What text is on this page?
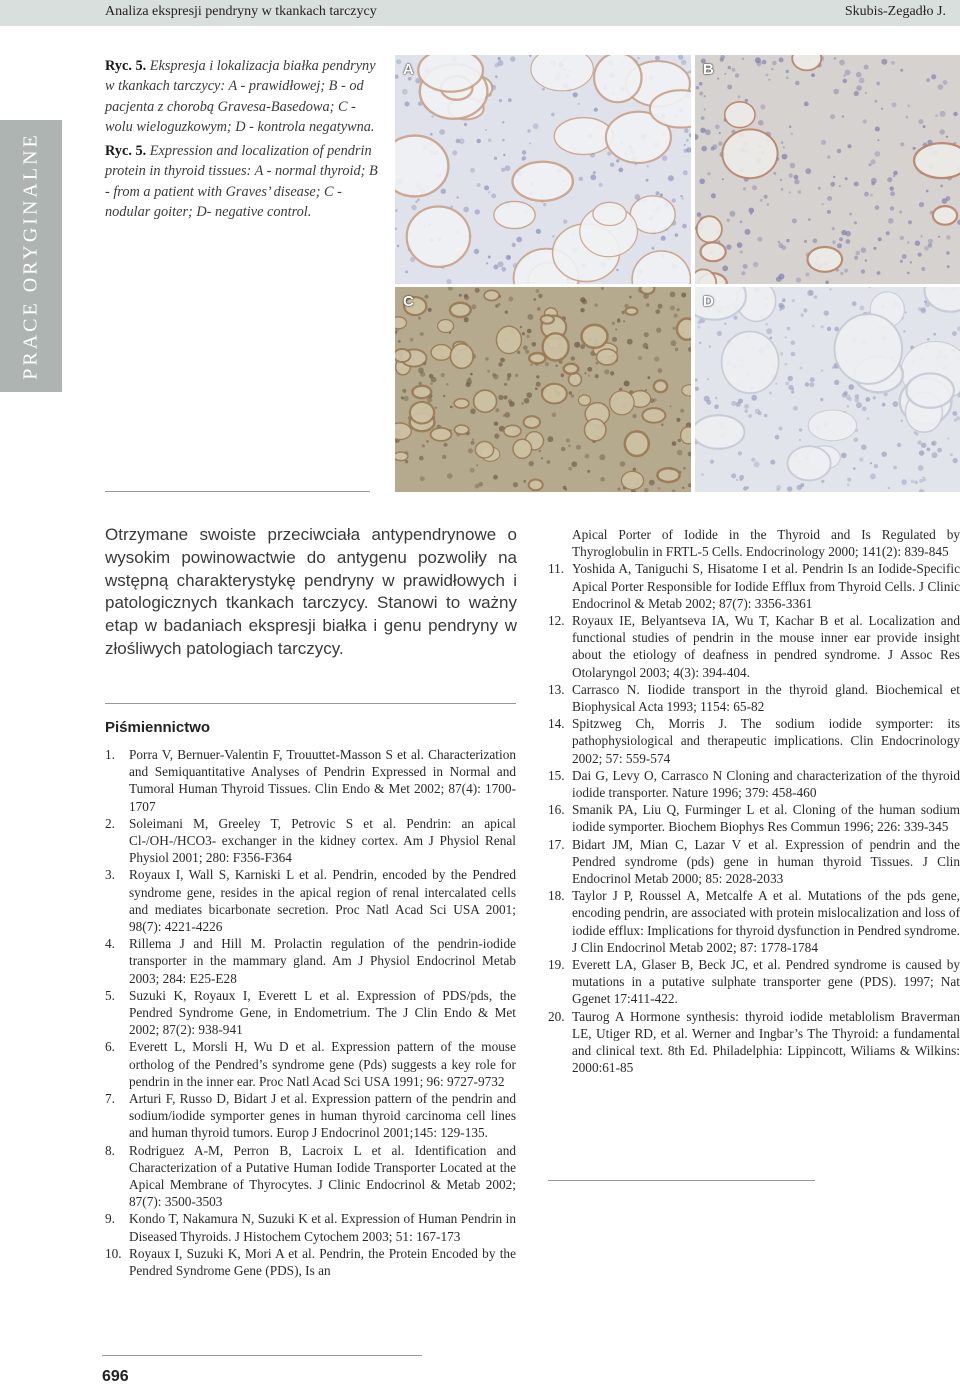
Analiza ekspresji pendryny w tkankach tarczycy	Skubis-Zegadło J.
PRACE ORYGINALNE
Ryc. 5. Ekspresja i lokalizacja białka pendryny w tkankach tarczycy: A - prawidłowej; B - od pacjenta z chorobą Gravesa-Basedowa; C - wolu wieloguzkowym; D - kontrola negatywna.
Ryc. 5. Expression and localization of pendrin protein in thyroid tissues: A - normal thyroid; B - from a patient with Graves’ disease; C - nodular goiter; D- negative control.
A	B
C	D
Otrzymane swoiste przeciwciała antypendrynowe o wysokim powinowactwie do antygenu pozwoliły na wstępną charakterystykę pendryny w prawidłowych i patologicznych tkankach tarczycy. Stanowi to ważny etap w badaniach ekspresji białka i genu pendryny w złośliwych patologiach tarczycy.
Piśmiennictwo
1. Porra V, Bernuer-Valentin F, Trouuttet-Masson S et al. Characterization and Semiquantitative Analyses of Pendrin Expressed in Normal and Tumoral Human Thyroid Tissues. Clin Endo & Met 2002; 87(4): 1700-1707
2. Soleimani M, Greeley T, Petrovic S et al. Pendrin: an apical Cl-/OH-/HCO3- exchanger in the kidney cortex. Am J Physiol Renal Physiol 2001; 280: F356-F364
3. Royaux I, Wall S, Karniski L et al. Pendrin, encoded by the Pendred syndrome gene, resides in the apical region of renal intercalated cells and mediates bicarbonate secretion. Proc Natl Acad Sci USA 2001; 98(7): 4221-4226
4. Rillema J and Hill M. Prolactin regulation of the pendrin-iodide transporter in the mammary gland. Am J Physiol Endocrinol Metab 2003; 284: E25-E28
5. Suzuki K, Royaux I, Everett L et al. Expression of PDS/pds, the Pendred Syndrome Gene, in Endometrium. The J Clin Endo & Met 2002; 87(2): 938-941
6. Everett L, Morsli H, Wu D et al. Expression pattern of the mouse ortholog of the Pendred’s syndrome gene (Pds) suggests a key role for pendrin in the inner ear. Proc Natl Acad Sci USA 1991; 96: 9727-9732
7. Arturi F, Russo D, Bidart J et al. Expression pattern of the pendrin and sodium/iodide symporter genes in human thyroid carcinoma cell lines and human thyroid tumors. Europ J Endocrinol 2001;145: 129-135.
8. Rodriguez A-M, Perron B, Lacroix L et al. Identification and Characterization of a Putative Human Iodide Transporter Located at the Apical Membrane of Thyrocytes. J Clinic Endocrinol & Metab 2002; 87(7): 3500-3503
9. Kondo T, Nakamura N, Suzuki K et al. Expression of Human Pendrin in Diseased Thyroids. J Histochem Cytochem 2003; 51: 167-173
10. Royaux I, Suzuki K, Mori A et al. Pendrin, the Protein Encoded by the Pendred Syndrome Gene (PDS), Is an
Apical Porter of Iodide in the Thyroid and Is Regulated by Thyroglobulin in FRTL-5 Cells. Endocrinology 2000; 141(2): 839-845
11. Yoshida A, Taniguchi S, Hisatome I et al. Pendrin Is an Iodide-Specific Apical Porter Responsible for Iodide Efflux from Thyroid Cells. J Clinic Endocrinol & Metab 2002; 87(7): 3356-3361
12. Royaux IE, Belyantseva IA, Wu T, Kachar B et al. Localization and functional studies of pendrin in the mouse inner ear provide insight about the etiology of deafness in pendred syndrome. J Assoc Res Otolaryngol 2003; 4(3): 394-404.
13. Carrasco N. Iiodide transport in the thyroid gland. Biochemical et Biophysical Acta 1993; 1154: 65-82
14. Spitzweg Ch, Morris J. The sodium iodide symporter: its pathophysiological and therapeutic implications. Clin Endocrinology 2002; 57: 559-574
15. Dai G, Levy O, Carrasco N Cloning and characterization of the thyroid iodide transporter. Nature 1996; 379: 458-460
16. Smanik PA, Liu Q, Furminger L et al. Cloning of the human sodium iodide symporter. Biochem Biophys Res Commun 1996; 226: 339-345
17. Bidart JM, Mian C, Lazar V et al. Expression of pendrin and the Pendred syndrome (pds) gene in human thyroid Tissues. J Clin Endocrinol Metab 2000; 85: 2028-2033
18. Taylor J P, Roussel A, Metcalfe A et al. Mutations of the pds gene, encoding pendrin, are associated with protein mislocalization and loss of iodide efflux: Implications for thyroid dysfunction in Pendred syndrome. J Clin Endocrinol Metab 2002; 87: 1778-1784
19. Everett LA, Glaser B, Beck JC, et al. Pendred syndrome is caused by mutations in a putative sulphate transporter gene (PDS). 1997; Nat Ggenet 17:411-422.
20. Taurog A Hormone synthesis: thyroid iodide metablolism Braverman LE, Utiger RD, et al. Werner and Ingbar’s The Thyroid: a fundamental and clinical text. 8th Ed. Philadelphia: Lippincott, Wiliams & Wilkins: 2000:61-85
696
